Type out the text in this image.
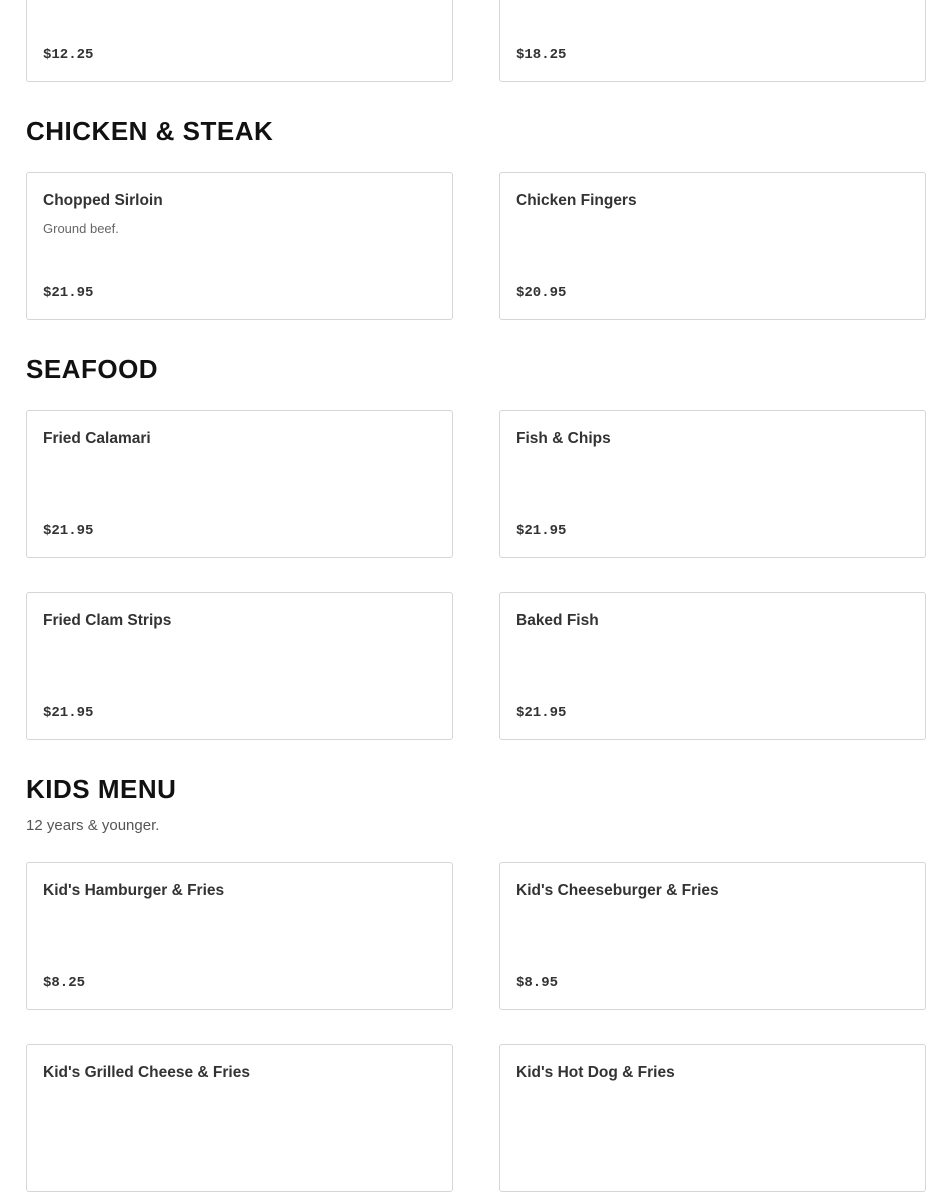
$12.25	$18.25
CHICKEN & STEAK
Chopped Sirloin
Ground beef.
$21.95
Chicken Fingers
$20.95
SEAFOOD
Fried Calamari
$21.95
Fish & Chips
$21.95
Fried Clam Strips
$21.95
Baked Fish
$21.95
KIDS MENU

12 years & younger.

Kid's Hamburger & Fries
$8.25
Kid's Cheeseburger & Fries
$8.95
Kid's Grilled Cheese & Fries	Kid's Hot Dog & Fries
